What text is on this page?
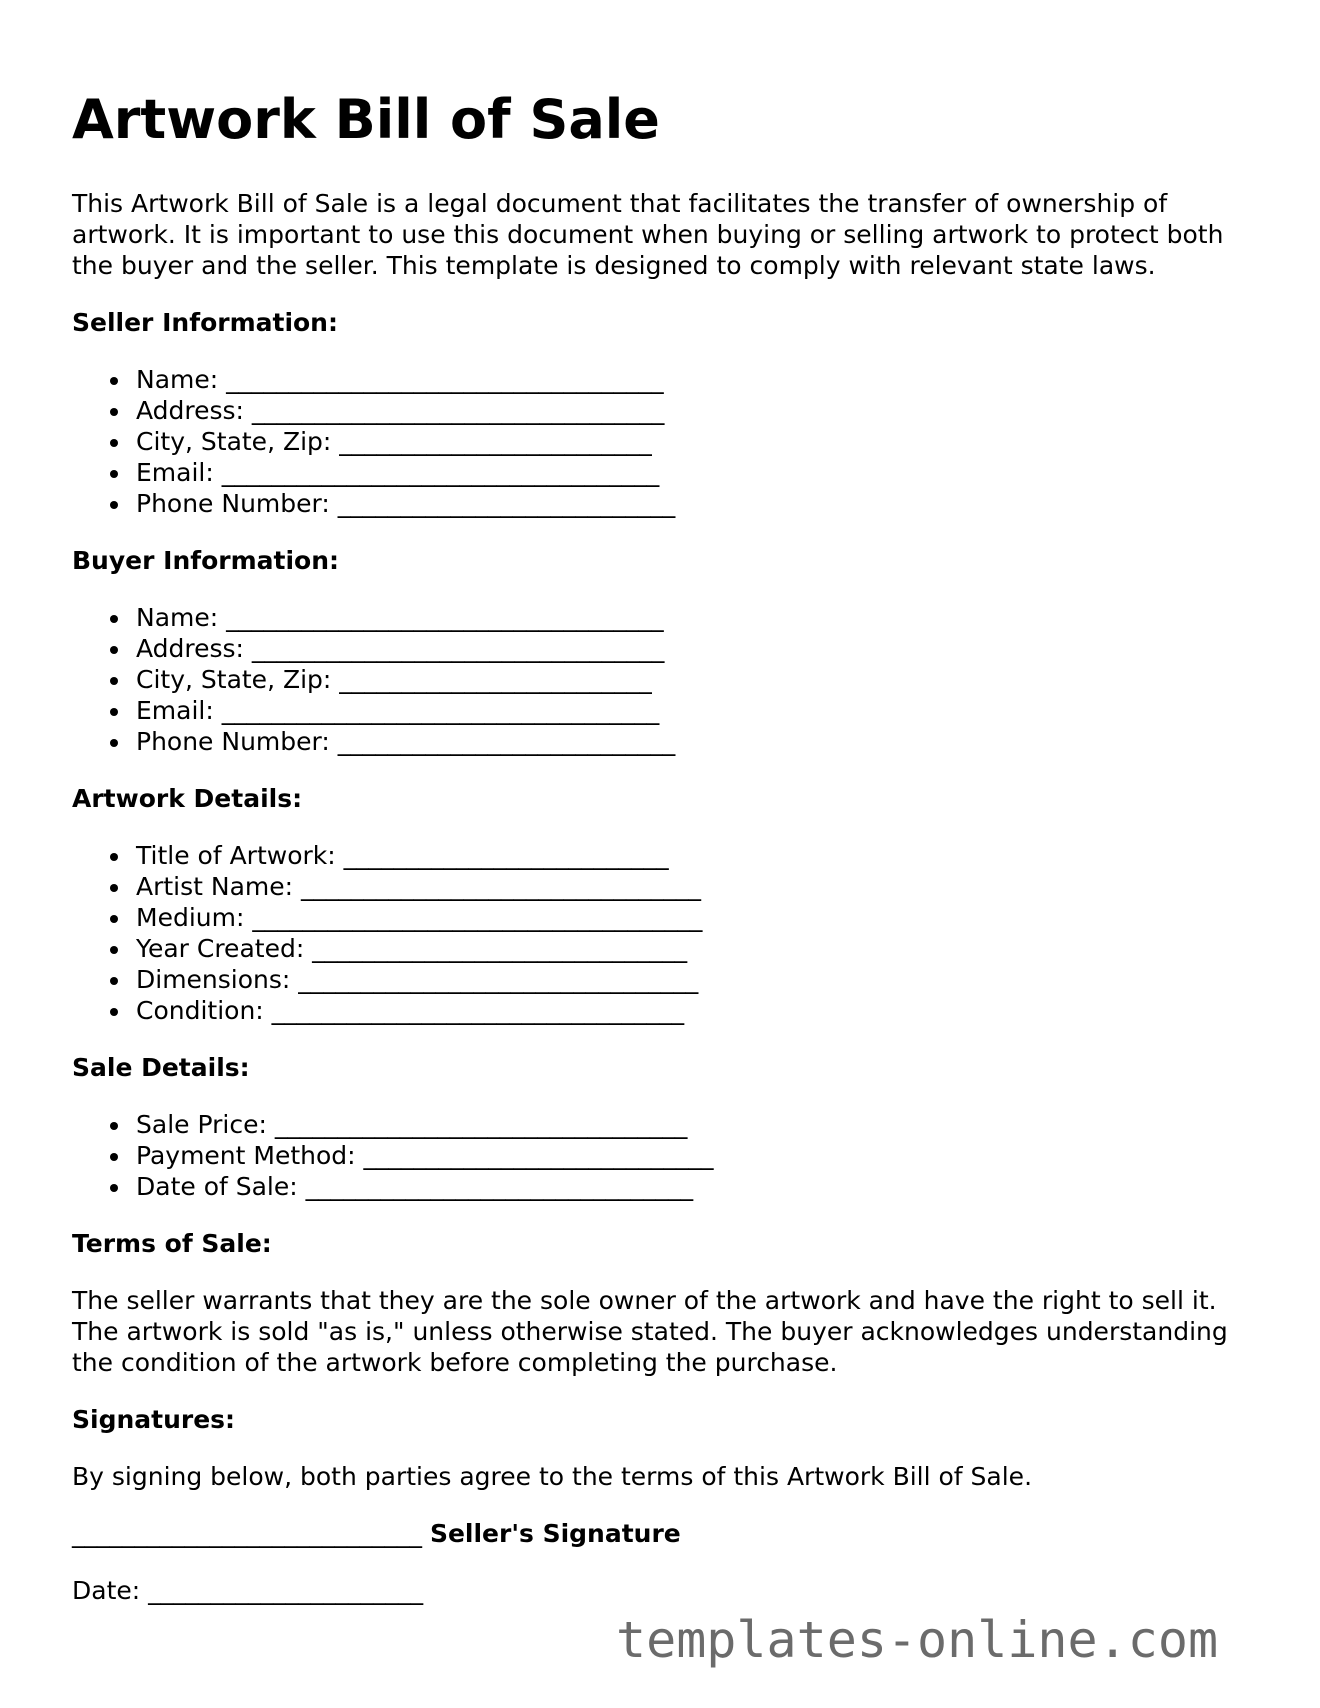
Artwork Bill of Sale

This Artwork Bill of Sale is a legal document that facilitates the transfer of ownership of artwork. It is important to use this document when buying or selling artwork to protect both the buyer and the seller. This template is designed to comply with relevant state laws.

Seller Information:
Name: ___________________________________
Address: _________________________________
City, State, Zip: _________________________
Email: ___________________________________
Phone Number: ___________________________
Buyer Information:
Name: ___________________________________
Address: _________________________________
City, State, Zip: _________________________
Email: ___________________________________
Phone Number: ___________________________
Artwork Details:
Title of Artwork: __________________________
Artist Name: ________________________________
Medium: ____________________________________
Year Created: ______________________________
Dimensions: ________________________________
Condition: _________________________________
Sale Details:
Sale Price: _________________________________
Payment Method: ____________________________
Date of Sale: _______________________________
Terms of Sale:

The seller warrants that they are the sole owner of the artwork and have the right to sell it. The artwork is sold "as is," unless otherwise stated. The buyer acknowledges understanding the condition of the artwork before completing the purchase.

Signatures:

By signing below, both parties agree to the terms of this Artwork Bill of Sale.

____________________________ Seller's Signature
Date: ______________________
templates-online.com
